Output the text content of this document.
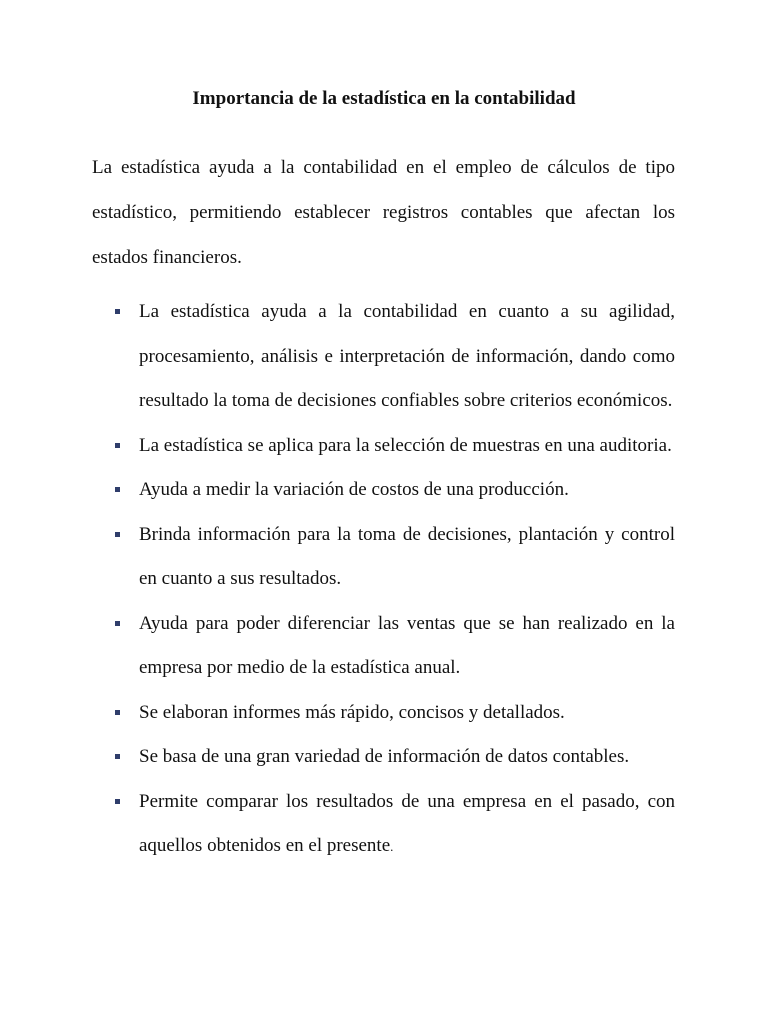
Importancia de la estadística en la contabilidad

La estadística ayuda a la contabilidad en el empleo de cálculos de tipo estadístico, permitiendo establecer registros contables que afectan los estados financieros.

La estadística ayuda a la contabilidad en cuanto a su agilidad, procesamiento, análisis e interpretación de información, dando como resultado la toma de decisiones confiables sobre criterios económicos.
La estadística se aplica para la selección de muestras en una auditoria.
Ayuda a medir la variación de costos de una producción.
Brinda información para la toma de decisiones, plantación y control en cuanto a sus resultados.
Ayuda para poder diferenciar las ventas que se han realizado en la empresa por medio de la estadística anual.
Se elaboran informes más rápido, concisos y detallados.
Se basa de una gran variedad de información de datos contables.
Permite comparar los resultados de una empresa en el pasado, con aquellos obtenidos en el presente.
